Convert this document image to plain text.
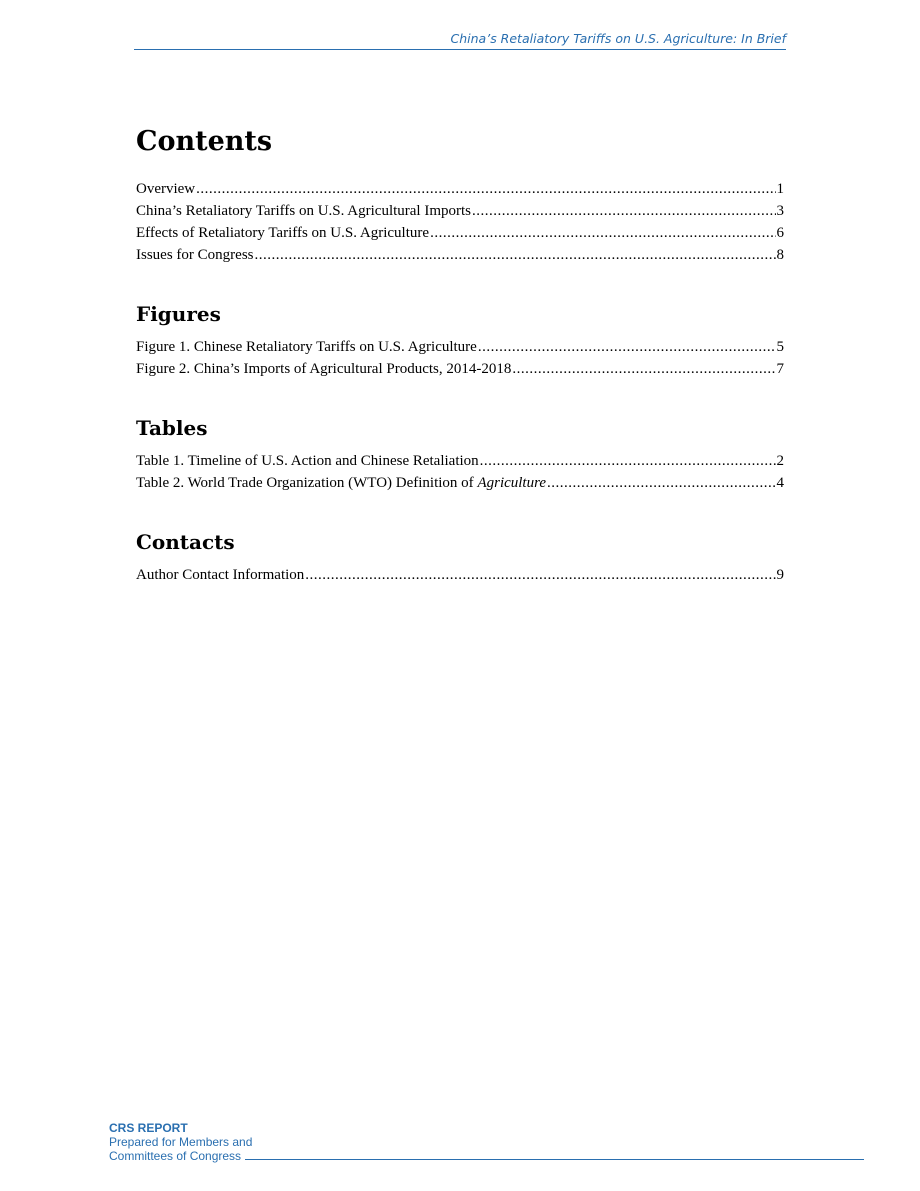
China’s Retaliatory Tariffs on U.S. Agriculture: In Brief
Contents
Overview .....	1
China’s Retaliatory Tariffs on U.S. Agricultural Imports .....	3
Effects of Retaliatory Tariffs on U.S. Agriculture .....	6
Issues for Congress .....	8
Figures
Figure 1. Chinese Retaliatory Tariffs on U.S. Agriculture .....	5
Figure 2. China’s Imports of Agricultural Products, 2014-2018 .....	7
Tables
Table 1. Timeline of U.S. Action and Chinese Retaliation .....	2
Table 2. World Trade Organization (WTO) Definition of Agriculture .....	4
Contacts
Author Contact Information .....	9
CRS REPORT
Prepared for Members and
Committees of Congress
